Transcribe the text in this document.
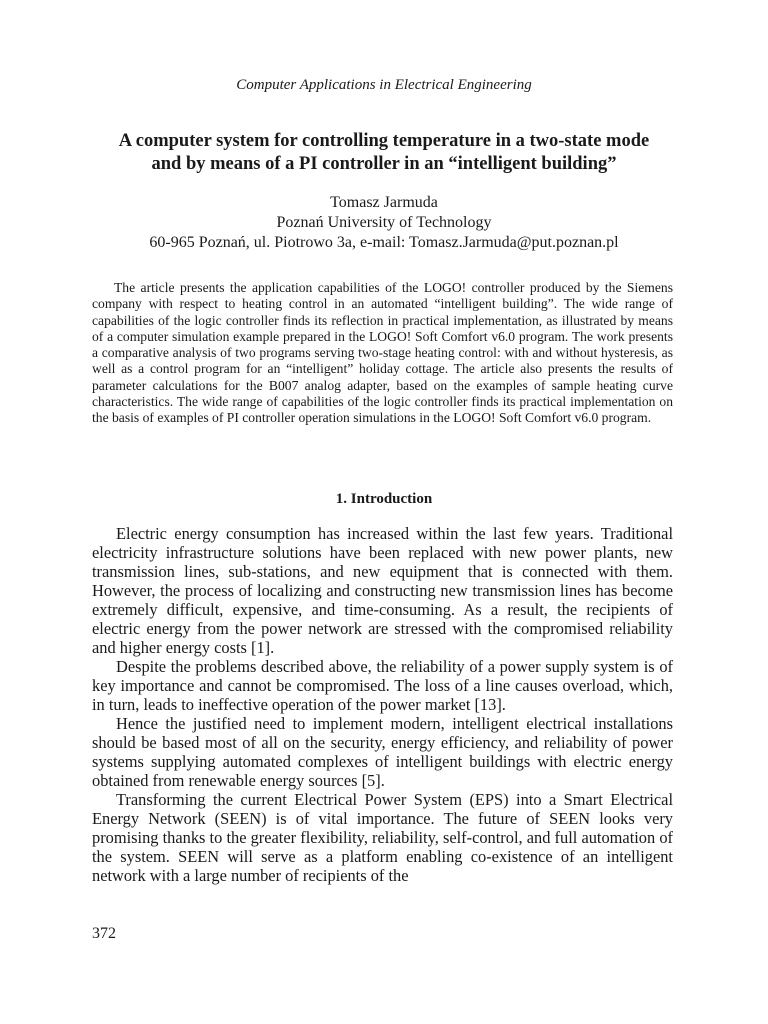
Computer Applications in Electrical Engineering
A computer system for controlling temperature in a two-state mode
and by means of a PI controller in an “intelligent building”
Tomasz Jarmuda
Poznań University of Technology
60-965 Poznań, ul. Piotrowo 3a, e-mail: Tomasz.Jarmuda@put.poznan.pl

The article presents the application capabilities of the LOGO! controller produced by the Siemens company with respect to heating control in an automated “intelligent building”. The wide range of capabilities of the logic controller finds its reflection in practical implementation, as illustrated by means of a computer simulation example prepared in the LOGO! Soft Comfort v6.0 program. The work presents a comparative analysis of two programs serving two-stage heating control: with and without hysteresis, as well as a control program for an “intelligent” holiday cottage. The article also presents the results of parameter calculations for the B007 analog adapter, based on the examples of sample heating curve characteristics. The wide range of capabilities of the logic controller finds its practical implementation on the basis of examples of PI controller operation simulations in the LOGO! Soft Comfort v6.0 program.

1. Introduction

Electric energy consumption has increased within the last few years. Traditional electricity infrastructure solutions have been replaced with new power plants, new transmission lines, sub-stations, and new equipment that is connected with them. However, the process of localizing and constructing new transmission lines has become extremely difficult, expensive, and time-consuming. As a result, the recipients of electric energy from the power network are stressed with the compromised reliability and higher energy costs [1].

Despite the problems described above, the reliability of a power supply system is of key importance and cannot be compromised. The loss of a line causes overload, which, in turn, leads to ineffective operation of the power market [13].

Hence the justified need to implement modern, intelligent electrical installations should be based most of all on the security, energy efficiency, and reliability of power systems supplying automated complexes of intelligent buildings with electric energy obtained from renewable energy sources [5].

Transforming the current Electrical Power System (EPS) into a Smart Electrical Energy Network (SEEN) is of vital importance. The future of SEEN looks very promising thanks to the greater flexibility, reliability, self-control, and full automation of the system. SEEN will serve as a platform enabling co-existence of an intelligent network with a large number of recipients of the

372
